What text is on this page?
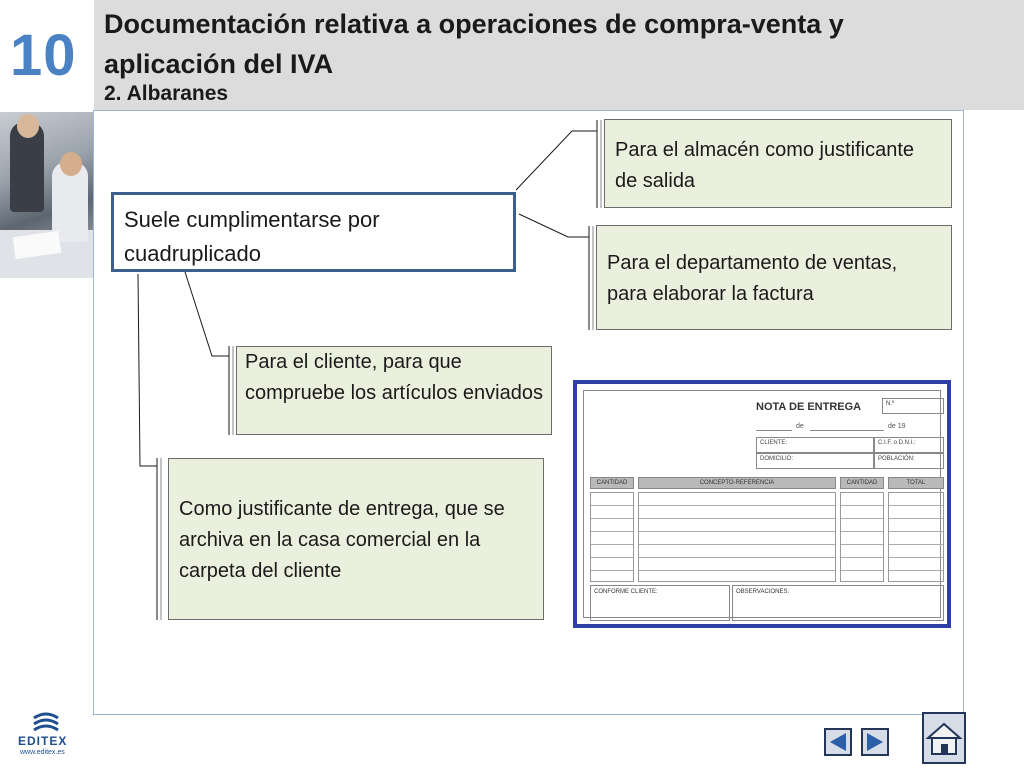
10 Documentación relativa a operaciones de compra-venta y aplicación del IVA
2. Albaranes
Suele cumplimentarse por cuadruplicado
Para el almacén como justificante de salida
Para el departamento de ventas, para elaborar la factura
Para el cliente, para que compruebe los artículos enviados
Como justificante de entrega, que se archiva en la casa comercial en la carpeta del cliente
NOTA DE ENTREGA	N.º
de	de 19
CLIENTE:	C.I.F. o D.N.I.:
DOMICILIO:	POBLACIÓN:
CANTIDAD	CONCEPTO-REFERENCIA	CANTIDAD	TOTAL
CONFORME CLIENTE:	OBSERVACIONES:
EDITEX
www.editex.es
